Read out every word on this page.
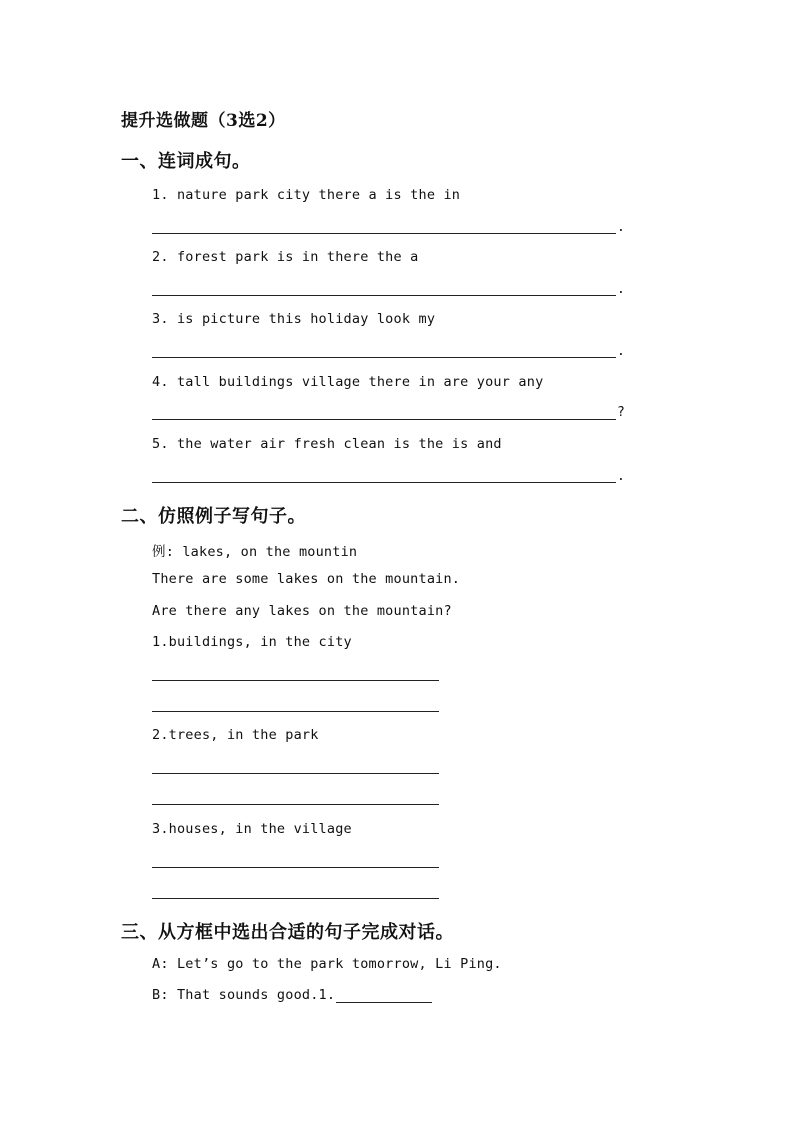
提升选做题（3选2）
一、连词成句。
1. nature park city there a is the in
.
2. forest park is in there the a
.
3. is picture this holiday look my
.
4. tall buildings village there in are your any
?
5. the water air fresh clean is the is and
.
二、仿照例子写句子。
例: lakes, on the mountin
There are some lakes on the mountain.
Are there any lakes on the mountain?
1.buildings, in the city
2.trees, in the park
3.houses, in the village
三、从方框中选出合适的句子完成对话。
A: Let’s go to the park tomorrow, Li Ping.
B: That sounds good.1.
